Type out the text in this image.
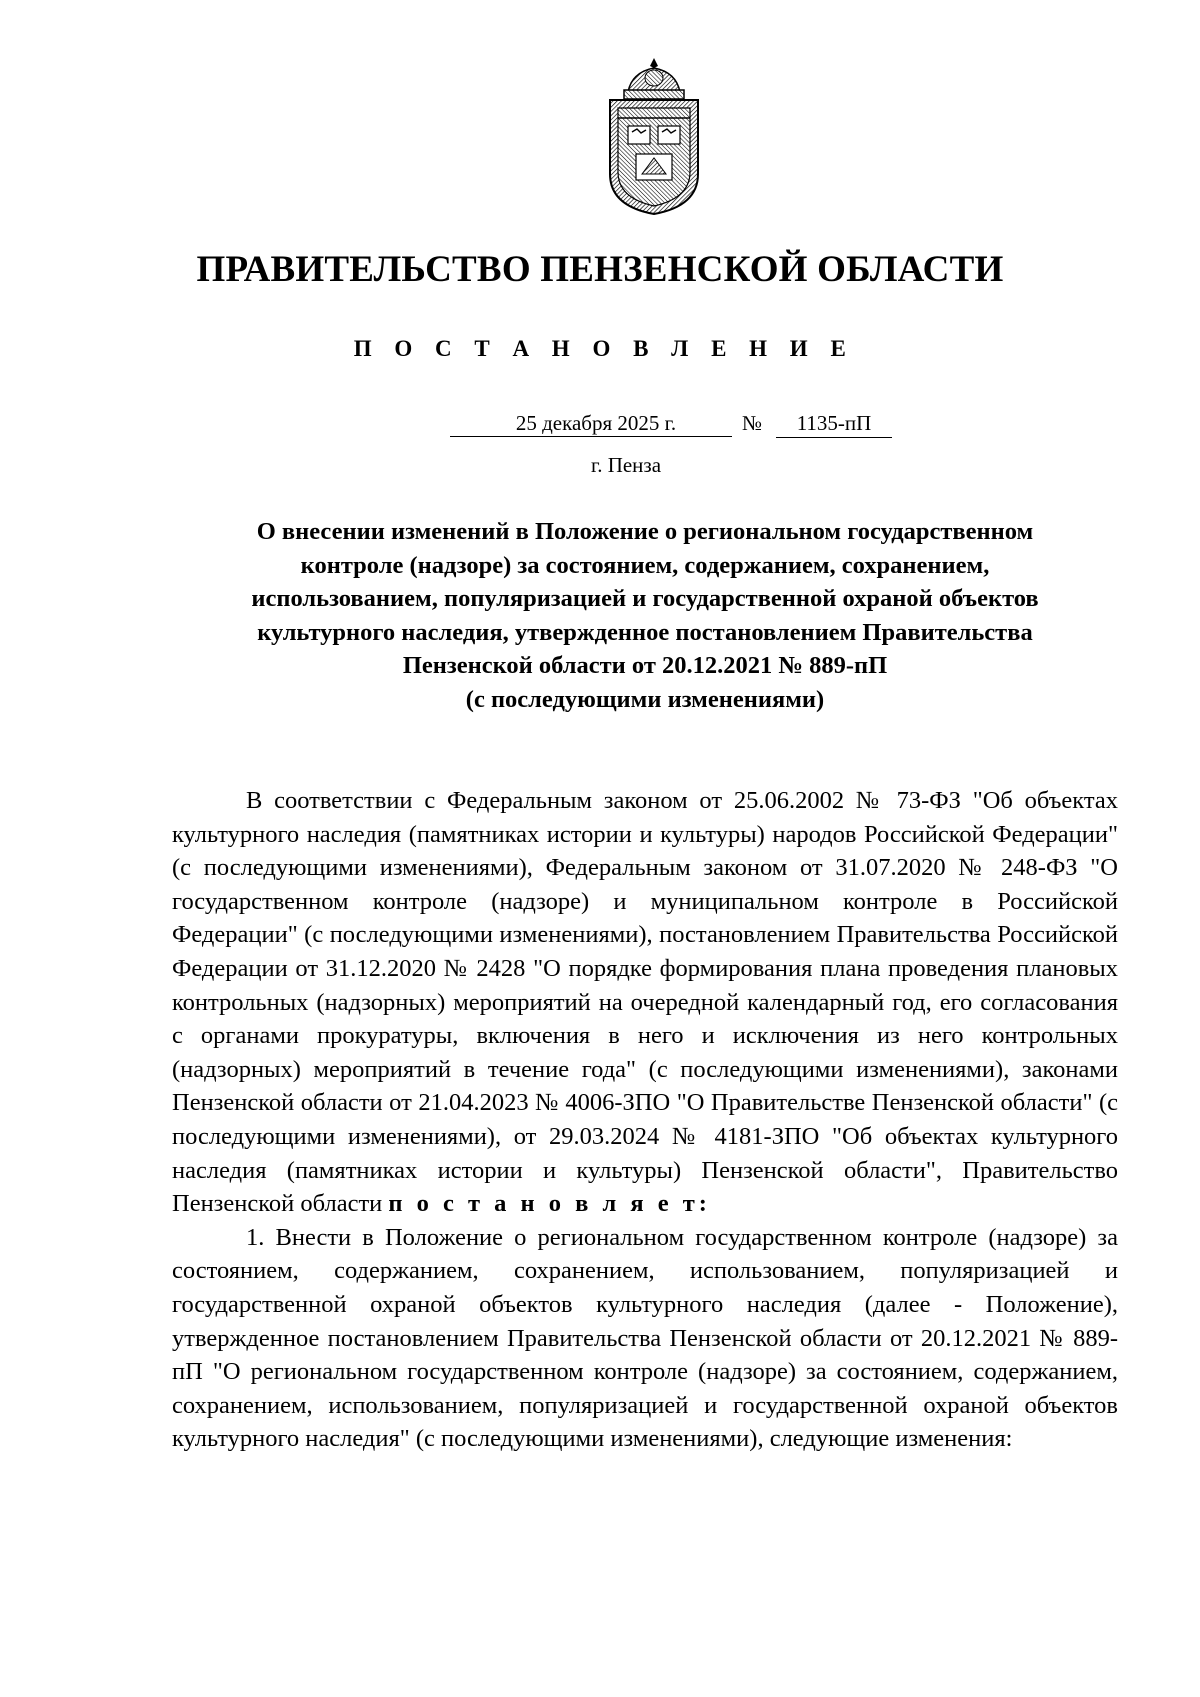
ПРАВИТЕЛЬСТВО ПЕНЗЕНСКОЙ ОБЛАСТИ
П О С Т А Н О В Л Е Н И Е
25 декабря 2025 г.	№	1135-пП
г. Пенза
О внесении изменений в Положение о региональном государственном
контроле (надзоре) за состоянием, содержанием, сохранением,
использованием, популяризацией и государственной охраной объектов
культурного наследия, утвержденное постановлением Правительства
Пензенской области от 20.12.2021 № 889-пП
(с последующими изменениями)

В соответствии с Федеральным законом от 25.06.2002 № 73-ФЗ "Об объектах культурного наследия (памятниках истории и культуры) народов Российской Федерации" (с последующими изменениями), Федеральным законом от 31.07.2020 № 248-ФЗ "О государственном контроле (надзоре) и муниципальном контроле в Российской Федерации" (с последующими изменениями), постановлением Правительства Российской Федерации от 31.12.2020 № 2428 "О порядке формирования плана проведения плановых контрольных (надзорных) мероприятий на очередной календарный год, его согласования с органами прокуратуры, включения в него и исключения из него контрольных (надзорных) мероприятий в течение года" (с последующими изменениями), законами Пензенской области от 21.04.2023 № 4006-ЗПО "О Правительстве Пензенской области" (с последующими изменениями), от 29.03.2024 № 4181-ЗПО "Об объектах культурного наследия (памятниках истории и культуры) Пензенской области", Правительство Пензенской области п о с т а н о в л я е т:

1. Внести в Положение о региональном государственном контроле (надзоре) за состоянием, содержанием, сохранением, использованием, популяризацией и государственной охраной объектов культурного наследия (далее - Положение), утвержденное постановлением Правительства Пензенской области от 20.12.2021 № 889-пП "О региональном государственном контроле (надзоре) за состоянием, содержанием, сохранением, использованием, популяризацией и государственной охраной объектов культурного наследия" (с последующими изменениями), следующие изменения:
